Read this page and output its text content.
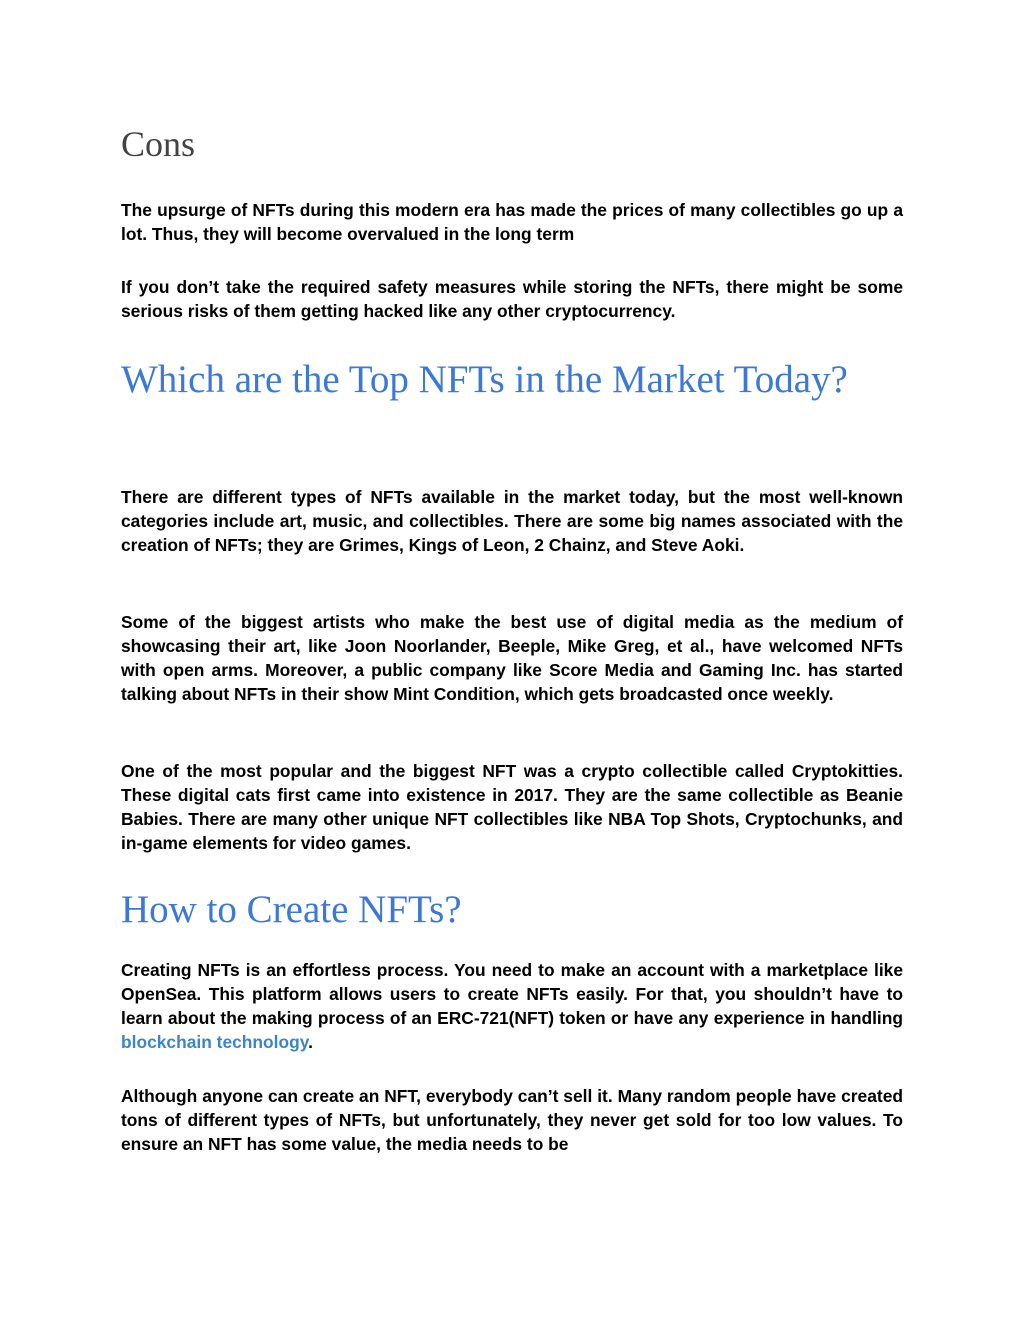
Cons

The upsurge of NFTs during this modern era has made the prices of many collectibles go up a lot. Thus, they will become overvalued in the long term

If you don’t take the required safety measures while storing the NFTs, there might be some serious risks of them getting hacked like any other cryptocurrency.

Which are the Top NFTs in the Market Today?

There are different types of NFTs available in the market today, but the most well-known categories include art, music, and collectibles. There are some big names associated with the creation of NFTs; they are Grimes, Kings of Leon, 2 Chainz, and Steve Aoki.

Some of the biggest artists who make the best use of digital media as the medium of showcasing their art, like Joon Noorlander, Beeple, Mike Greg, et al., have welcomed NFTs with open arms. Moreover, a public company like Score Media and Gaming Inc. has started talking about NFTs in their show Mint Condition, which gets broadcasted once weekly.

One of the most popular and the biggest NFT was a crypto collectible called Cryptokitties. These digital cats first came into existence in 2017. They are the same collectible as Beanie Babies. There are many other unique NFT collectibles like NBA Top Shots, Cryptochunks, and in-game elements for video games.

How to Create NFTs?

Creating NFTs is an effortless process. You need to make an account with a marketplace like OpenSea. This platform allows users to create NFTs easily. For that, you shouldn’t have to learn about the making process of an ERC-721(NFT) token or have any experience in handling blockchain technology.

Although anyone can create an NFT, everybody can’t sell it. Many random people have created tons of different types of NFTs, but unfortunately, they never get sold for too low values. To ensure an NFT has some value, the media needs to be
